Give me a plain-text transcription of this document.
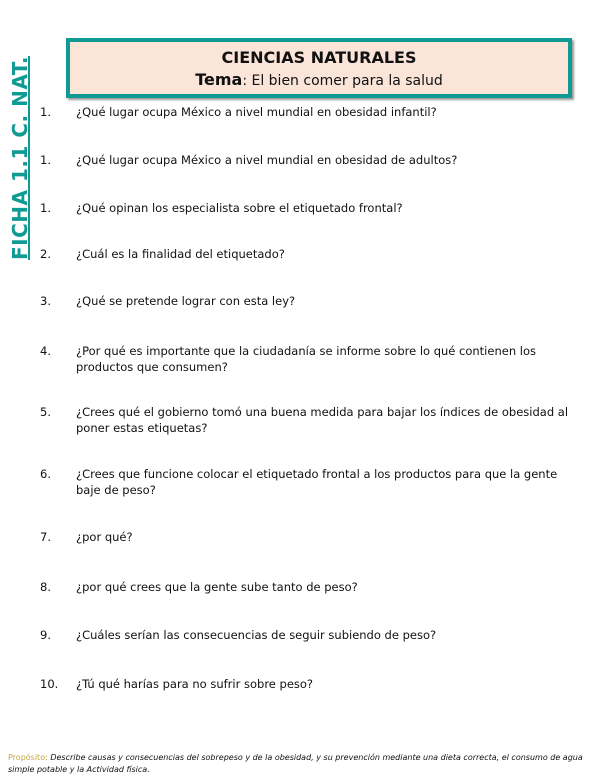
CIENCIAS NATURALES
Tema: El bien comer para la salud
FICHA 1.1 C. NAT. 1.	¿Qué lugar ocupa México a nivel mundial en obesidad infantil?
1.	¿Qué lugar ocupa México a nivel mundial en obesidad de adultos?
1.	¿Qué opinan los especialista sobre el etiquetado frontal?
2.	¿Cuál es la finalidad del etiquetado?
3.	¿Qué se pretende lograr con esta ley?
4.	¿Por qué es importante que la ciudadanía se informe sobre lo qué contienen los productos que consumen?
5.	¿Crees qué el gobierno tomó una buena medida para bajar los índices de obesidad al poner estas etiquetas?
6.	¿Crees que funcione colocar el etiquetado frontal a los productos para que la gente baje de peso?
7.	¿por qué?
8.	¿por qué crees que la gente sube tanto de peso?
9.	¿Cuáles serían las consecuencias de seguir subiendo de peso?
10.	¿Tú qué harías para no sufrir sobre peso?
Propósito: Describe causas y consecuencias del sobrepeso y de la obesidad, y su prevención mediante una dieta correcta, el consumo de agua simple potable y la Actividad física.
